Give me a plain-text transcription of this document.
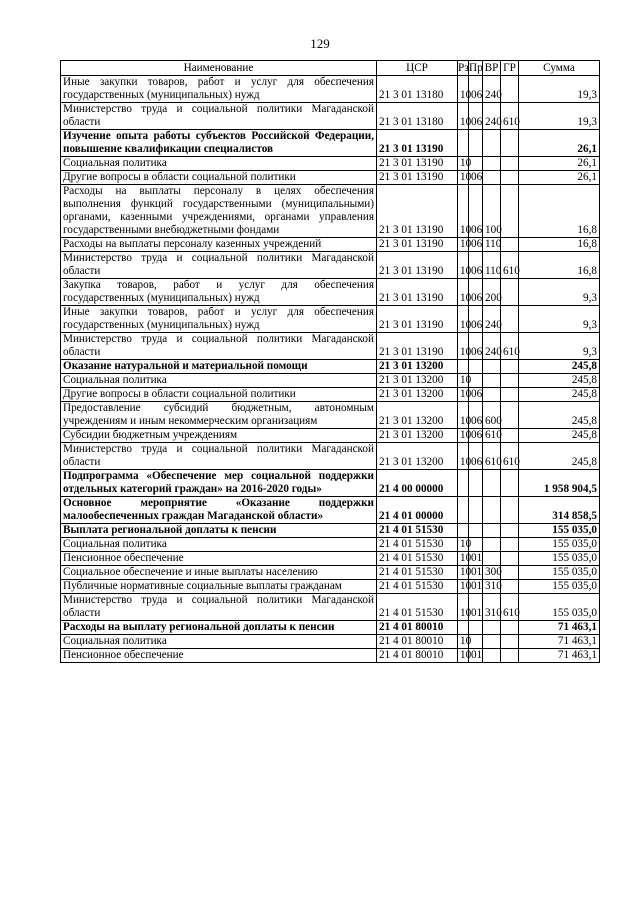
129
Наименование	ЦСР	Рз	Пр	ВР	ГР	Сумма
Иные закупки товаров, работ и услуг для обеспечения государственных (муниципальных) нужд	21 3 01 13180	10	06	240		19,3
Министерство труда и социальной политики Магаданской области	21 3 01 13180	10	06	240	610	19,3
Изучение опыта работы субъектов Российской Федерации, повышение квалификации специалистов	21 3 01 13190					26,1
Социальная политика	21 3 01 13190	10				26,1
Другие вопросы в области социальной политики	21 3 01 13190	10	06			26,1
Расходы на выплаты персоналу в целях обеспечения выполнения функций государственными (муниципальными) органами, казенными учреждениями, органами управления государственными внебюджетными фондами	21 3 01 13190	10	06	100		16,8
Расходы на выплаты персоналу казенных учреждений	21 3 01 13190	10	06	110		16,8
Министерство труда и социальной политики Магаданской области	21 3 01 13190	10	06	110	610	16,8
Закупка товаров, работ и услуг для обеспечения государственных (муниципальных) нужд	21 3 01 13190	10	06	200		9,3
Иные закупки товаров, работ и услуг для обеспечения государственных (муниципальных) нужд	21 3 01 13190	10	06	240		9,3
Министерство труда и социальной политики Магаданской области	21 3 01 13190	10	06	240	610	9,3
Оказание натуральной и материальной помощи	21 3 01 13200					245,8
Социальная политика	21 3 01 13200	10				245,8
Другие вопросы в области социальной политики	21 3 01 13200	10	06			245,8
Предоставление субсидий бюджетным, автономным учреждениям и иным некоммерческим организациям	21 3 01 13200	10	06	600		245,8
Субсидии бюджетным учреждениям	21 3 01 13200	10	06	610		245,8
Министерство труда и социальной политики Магаданской области	21 3 01 13200	10	06	610	610	245,8
Подпрограмма «Обеспечение мер социальной поддержки отдельных категорий граждан» на 2016-2020 годы»	21 4 00 00000					1 958 904,5
Основное мероприятие «Оказание поддержки малообеспеченных граждан Магаданской области»	21 4 01 00000					314 858,5
Выплата региональной доплаты к пенсии	21 4 01 51530					155 035,0
Социальная политика	21 4 01 51530	10				155 035,0
Пенсионное обеспечение	21 4 01 51530	10	01			155 035,0
Социальное обеспечение и иные выплаты населению	21 4 01 51530	10	01	300		155 035,0
Публичные нормативные социальные выплаты гражданам	21 4 01 51530	10	01	310		155 035,0
Министерство труда и социальной политики Магаданской области	21 4 01 51530	10	01	310	610	155 035,0
Расходы на выплату региональной доплаты к пенсии	21 4 01 80010					71 463,1
Социальная политика	21 4 01 80010	10				71 463,1
Пенсионное обеспечение	21 4 01 80010	10	01			71 463,1
